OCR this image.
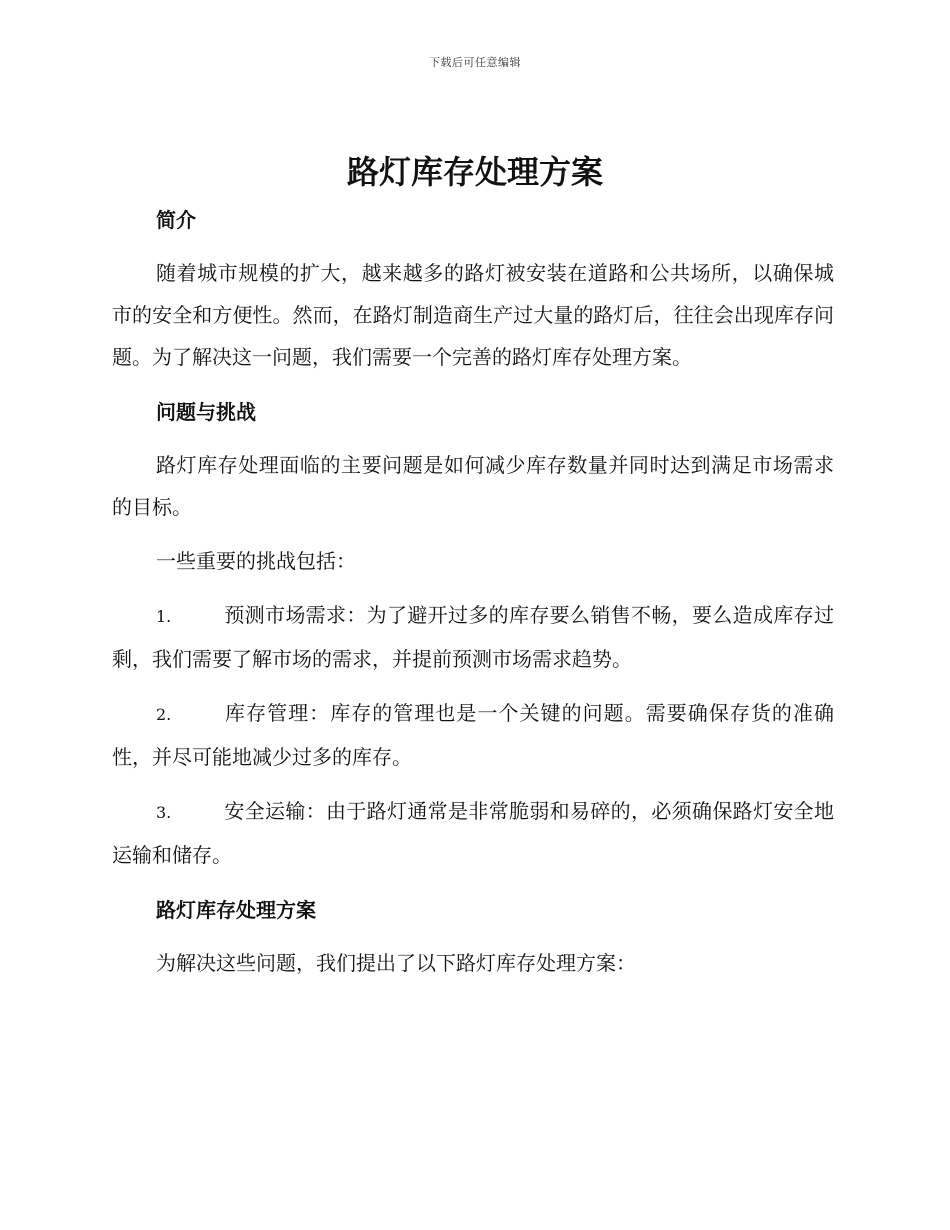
下载后可任意编辑
路灯库存处理方案
简介

随着城市规模的扩大，越来越多的路灯被安装在道路和公共场所，以确保城市的安全和方便性。然而，在路灯制造商生产过大量的路灯后，往往会出现库存问题。为了解决这一问题，我们需要一个完善的路灯库存处理方案。

问题与挑战

路灯库存处理面临的主要问题是如何减少库存数量并同时达到满足市场需求的目标。

一些重要的挑战包括：

1.	预测市场需求：为了避开过多的库存要么销售不畅，要么造成库存过剩，我们需要了解市场的需求，并提前预测市场需求趋势。

2.	库存管理：库存的管理也是一个关键的问题。需要确保存货的准确性，并尽可能地减少过多的库存。

3.	安全运输：由于路灯通常是非常脆弱和易碎的，必须确保路灯安全地运输和储存。

路灯库存处理方案

为解决这些问题，我们提出了以下路灯库存处理方案：
